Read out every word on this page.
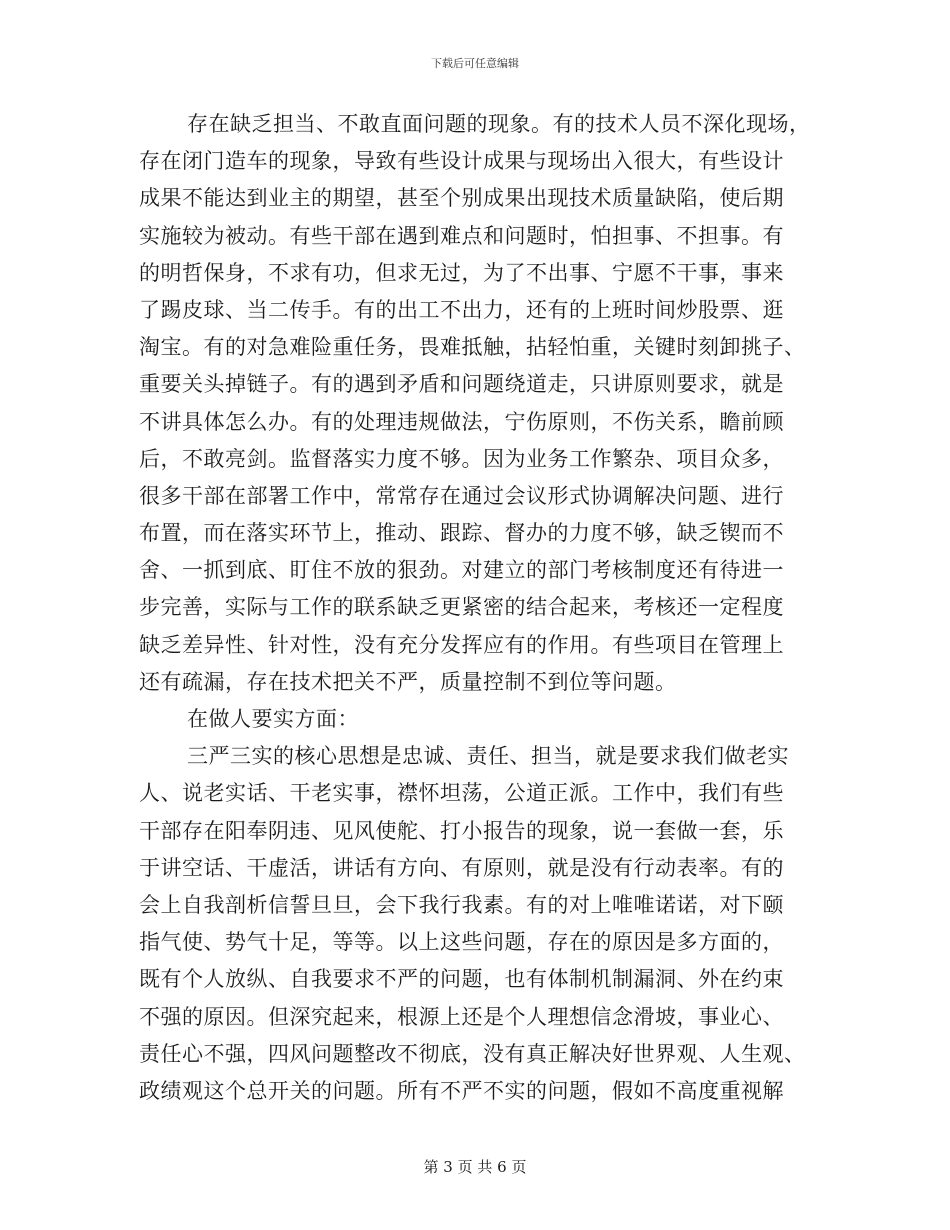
下载后可任意编辑
存在缺乏担当、不敢直面问题的现象。有的技术人员不深化现场，
存在闭门造车的现象，导致有些设计成果与现场出入很大，有些设计
成果不能达到业主的期望，甚至个别成果出现技术质量缺陷，使后期
实施较为被动。有些干部在遇到难点和问题时，怕担事、不担事。有
的明哲保身，不求有功，但求无过，为了不出事、宁愿不干事，事来
了踢皮球、当二传手。有的出工不出力，还有的上班时间炒股票、逛
淘宝。有的对急难险重任务，畏难抵触，拈轻怕重，关键时刻卸挑子、
重要关头掉链子。有的遇到矛盾和问题绕道走，只讲原则要求，就是
不讲具体怎么办。有的处理违规做法，宁伤原则，不伤关系，瞻前顾
后，不敢亮剑。监督落实力度不够。因为业务工作繁杂、项目众多，
很多干部在部署工作中，常常存在通过会议形式协调解决问题、进行
布置，而在落实环节上，推动、跟踪、督办的力度不够，缺乏锲而不
舍、一抓到底、盯住不放的狠劲。对建立的部门考核制度还有待进一
步完善，实际与工作的联系缺乏更紧密的结合起来，考核还一定程度
缺乏差异性、针对性，没有充分发挥应有的作用。有些项目在管理上
还有疏漏，存在技术把关不严，质量控制不到位等问题。
在做人要实方面：
三严三实的核心思想是忠诚、责任、担当，就是要求我们做老实
人、说老实话、干老实事，襟怀坦荡，公道正派。工作中，我们有些
干部存在阳奉阴违、见风使舵、打小报告的现象，说一套做一套，乐
于讲空话、干虚活，讲话有方向、有原则，就是没有行动表率。有的
会上自我剖析信誓旦旦，会下我行我素。有的对上唯唯诺诺，对下颐
指气使、势气十足，等等。以上这些问题，存在的原因是多方面的，
既有个人放纵、自我要求不严的问题，也有体制机制漏洞、外在约束
不强的原因。但深究起来，根源上还是个人理想信念滑坡，事业心、
责任心不强，四风问题整改不彻底，没有真正解决好世界观、人生观、
政绩观这个总开关的问题。所有不严不实的问题，假如不高度重视解
第 3 页 共 6 页
